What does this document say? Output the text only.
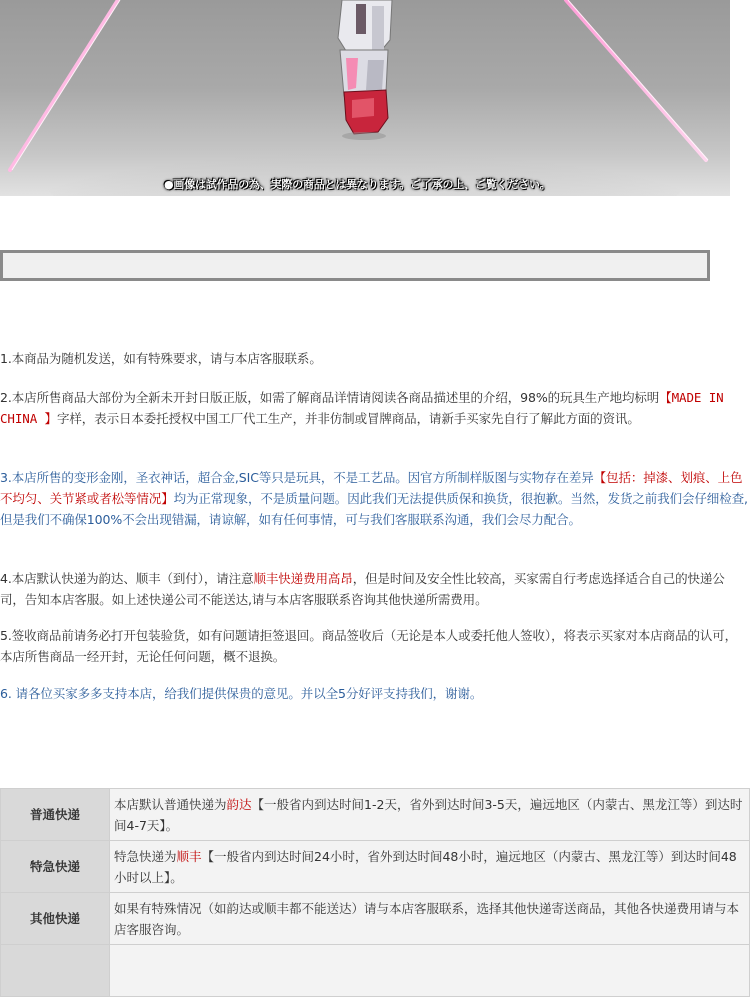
●画像は試作品の為、実際の商品とは異なります。ご了承の上、ご覧ください。
1.本商品为随机发送，如有特殊要求，请与本店客服联系。
2.本店所售商品大部份为全新未开封日版正版，如需了解商品详情请阅读各商品描述里的介绍，98%的玩具生产地均标明【MADE IN CHINA 】字样，表示日本委托授权中国工厂代工生产，并非仿制或冒牌商品，请新手买家先自行了解此方面的资讯。
3.本店所售的变形金刚，圣衣神话，超合金,SIC等只是玩具，不是工艺品。因官方所制样版图与实物存在差异【包括：掉漆、划痕、上色不均匀、关节紧或者松等情况】均为正常现象，不是质量问题。因此我们无法提供质保和换货，很抱歉。当然，发货之前我们会仔细检查,但是我们不确保100%不会出现错漏，请谅解，如有任何事情，可与我们客服联系沟通，我们会尽力配合。
4.本店默认快递为韵达、顺丰（到付），请注意顺丰快递费用高昂，但是时间及安全性比较高，买家需自行考虑选择适合自己的快递公司，告知本店客服。如上述快递公司不能送达,请与本店客服联系咨询其他快递所需费用。
5.签收商品前请务必打开包装验货，如有问题请拒签退回。商品签收后（无论是本人或委托他人签收），将表示买家对本店商品的认可，本店所售商品一经开封，无论任何问题，概不退换。
6. 请各位买家多多支持本店，给我们提供保贵的意见。并以全5分好评支持我们，谢谢。
普通快递	本店默认普通快递为韵达【一般省内到达时间1-2天，省外到达时间3-5天，遍远地区（内蒙古、黑龙江等）到达时间4-7天】。
特急快递	特急快递为顺丰【一般省内到达时间24小时，省外到达时间48小时，遍远地区（内蒙古、黑龙江等）到达时间48小时以上】。
其他快递	如果有特殊情况（如韵达或顺丰都不能送达）请与本店客服联系，选择其他快递寄送商品，其他各快递费用请与本店客服咨询。
